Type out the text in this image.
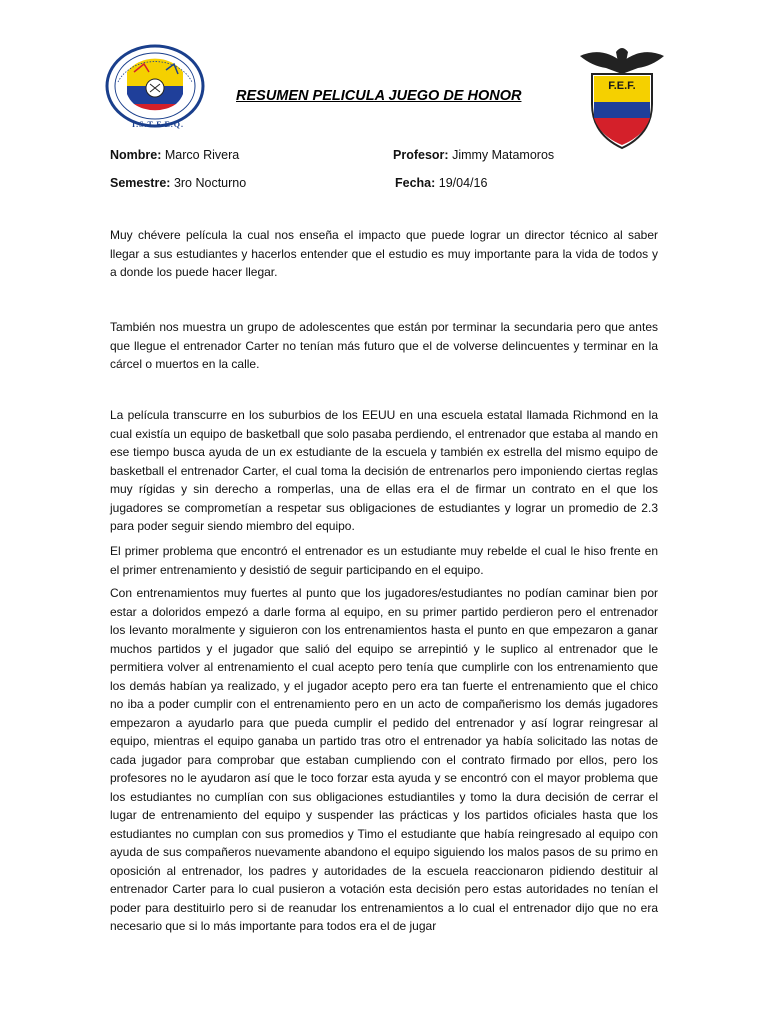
I.S.T.F.E.Q.
F.E.F.
RESUMEN PELICULA JUEGO DE HONOR
Nombre: Marco Rivera	Profesor: Jimmy Matamoros
Semestre: 3ro Nocturno	Fecha: 19/04/16

Muy chévere película la cual nos enseña el impacto que puede lograr un director técnico al saber llegar a sus estudiantes y hacerlos entender que el estudio es muy importante para la vida de todos y a donde los puede hacer llegar.

También nos muestra un grupo de adolescentes que están por terminar la secundaria pero que antes que llegue el entrenador Carter no tenían más futuro que el de volverse delincuentes y terminar en la cárcel o muertos en la calle.

La película transcurre en los suburbios de los EEUU en una escuela estatal llamada Richmond en la cual existía un equipo de basketball que solo pasaba perdiendo, el entrenador que estaba al mando en ese tiempo busca ayuda de un ex estudiante de la escuela y también ex estrella del mismo equipo de basketball el entrenador Carter, el cual toma la decisión de entrenarlos pero imponiendo ciertas reglas muy rígidas y sin derecho a romperlas, una de ellas era el de firmar un contrato en el que los jugadores se comprometían a respetar sus obligaciones de estudiantes y lograr un promedio de 2.3 para poder seguir siendo miembro del equipo.

El primer problema que encontró el entrenador es un estudiante muy rebelde el cual le hiso frente en el primer entrenamiento y desistió de seguir participando en el equipo.

Con entrenamientos muy fuertes al punto que los jugadores/estudiantes no podían caminar bien por estar a doloridos empezó a darle forma al equipo, en su primer partido perdieron pero el entrenador los levanto moralmente y siguieron con los entrenamientos hasta el punto en que empezaron a ganar muchos partidos y el jugador que salió del equipo se arrepintió y le suplico al entrenador que le permitiera volver al entrenamiento el cual acepto pero tenía que cumplirle con los entrenamiento que los demás habían ya realizado, y el jugador acepto pero era tan fuerte el entrenamiento que el chico no iba a poder cumplir con el entrenamiento pero en un acto de compañerismo los demás jugadores empezaron a ayudarlo para que pueda cumplir el pedido del entrenador y así lograr reingresar al equipo, mientras el equipo ganaba un partido tras otro el entrenador ya había solicitado las notas de cada jugador para comprobar que estaban cumpliendo con el contrato firmado por ellos, pero los profesores no le ayudaron así que le toco forzar esta ayuda y se encontró con el mayor problema que los estudiantes no cumplían con sus obligaciones estudiantiles y tomo la dura decisión de cerrar el lugar de entrenamiento del equipo y suspender las prácticas y los partidos oficiales hasta que los estudiantes no cumplan con sus promedios y Timo el estudiante que había reingresado al equipo con ayuda de sus compañeros nuevamente abandono el equipo siguiendo los malos pasos de su primo en oposición al entrenador, los padres y autoridades de la escuela reaccionaron pidiendo destituir al entrenador Carter para lo cual pusieron a votación esta decisión pero estas autoridades no tenían el poder para destituirlo pero si de reanudar los entrenamientos a lo cual el entrenador dijo que no era necesario que si lo más importante para todos era el de jugar
